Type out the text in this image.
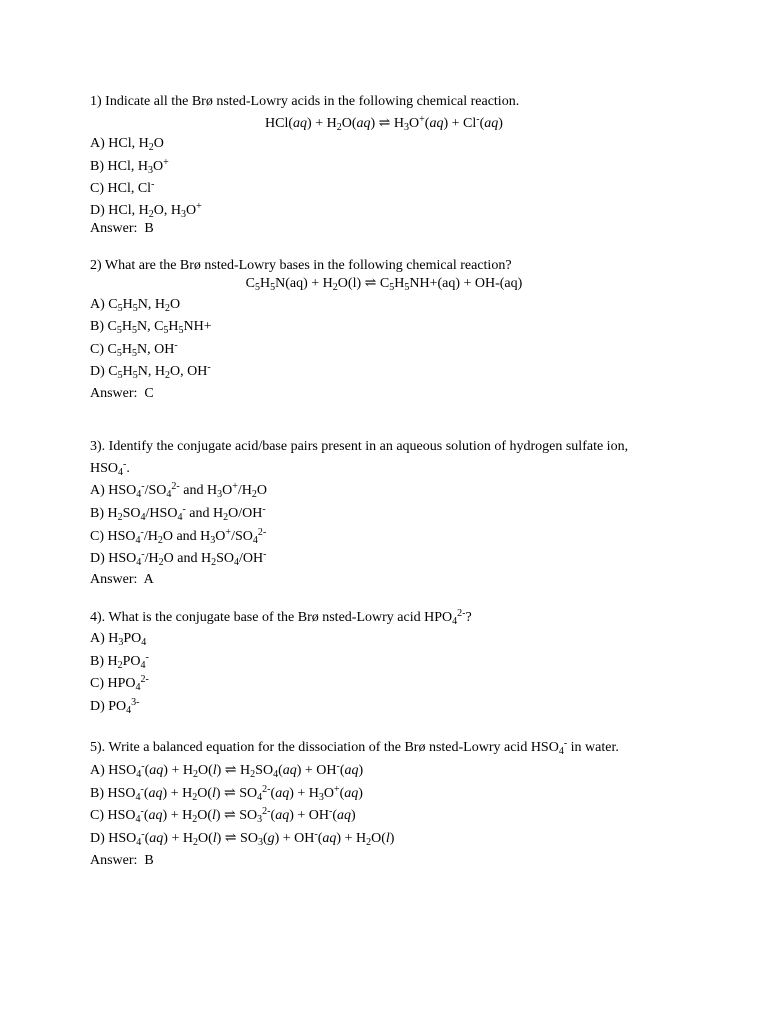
1) Indicate all the Brø nsted-Lowry acids in the following chemical reaction.
$HCl(aq) + H_2O(aq)$ ⇌ $H_3O^+(aq) + Cl^-(aq)$
A) HCl, $H_2O$
B) HCl, $H_3O^+$
C) HCl, Cl-
D) HCl, $H_2O$, $H_3O^+$
Answer:  B
2) What are the Brø nsted-Lowry bases in the following chemical reaction?
$C_5H_5N(aq) + H_2O(l)$ ⇌ $C_5H_5NH+(aq) + OH-(aq)$
A) $C_5H_5N$, $H_2O$
B) $C_5H_5N$, $C_5H_5NH+$
C) $C_5H_5N$, OH-
D) $C_5H_5N$, $H_2O$, OH-
Answer:  C
3). Identify the conjugate acid/base pairs present in an aqueous solution of hydrogen sulfate ion,
$HSO_4^-$.
A) $HSO_4^-/SO_4^{2-}$ and $H_3O^+/H_2O$
B) $H_2SO_4/HSO_4^-$ and $H_2O/OH^-$
C) $HSO_4^-/H_2O$ and $H_3O^+/SO_4^{2-}$
D) $HSO_4^-/H_2O$ and $H_2SO_4/OH^-$
Answer:  A
4). What is the conjugate base of the Brø nsted-Lowry acid $HPO_4^{2-}$?
A) $H_3PO_4$
B) $H_2PO_4^-$
C) $HPO_4^{2-}$
D) $PO_4^{3-}$
5). Write a balanced equation for the dissociation of the Brø nsted-Lowry acid $HSO_4^-$ in water.
A) $HSO_4^-(aq) + H_2O(l)$ ⇌ $H_2SO_4(aq) + OH^-(aq)$
B) $HSO_4^-(aq) + H_2O(l)$ ⇌ $SO_4^{2-}(aq) + H_3O^+(aq)$
C) $HSO_4^-(aq) + H_2O(l)$ ⇌ $SO_3^{2-}(aq) + OH^-(aq)$
D) $HSO_4^-(aq) + H_2O(l)$ ⇌ $SO_3(g) + OH^-(aq) + H_2O(l)$
Answer:  B
